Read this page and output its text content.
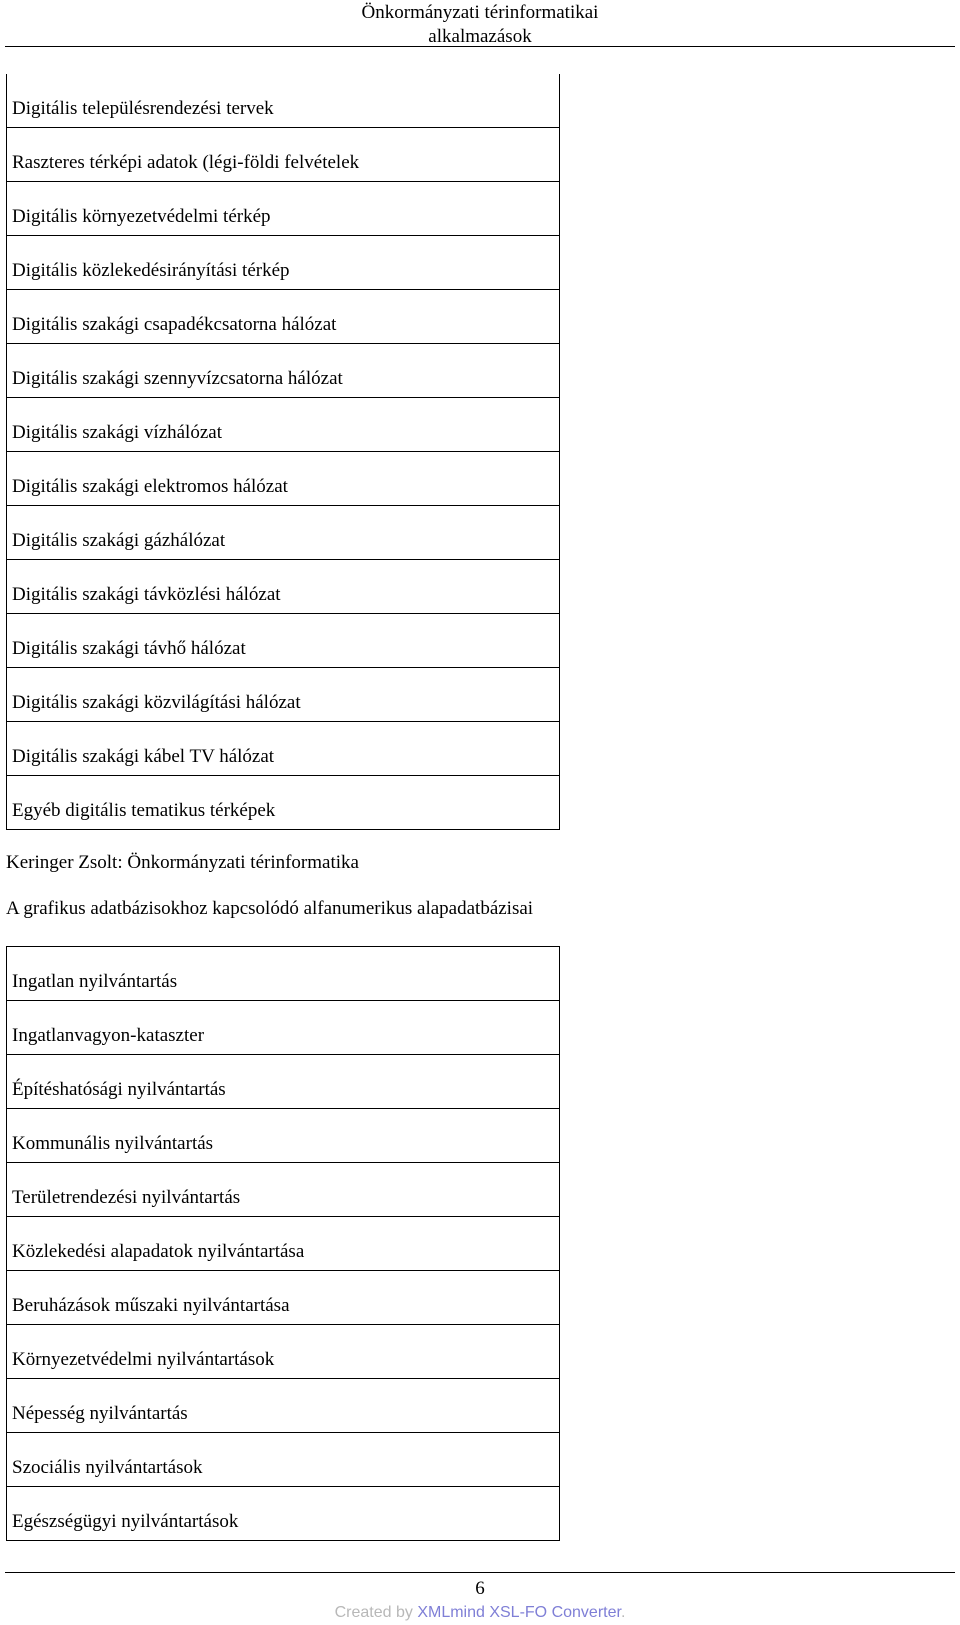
Önkormányzati térinformatikai
alkalmazások
Digitális településrendezési tervek
Raszteres térképi adatok (légi-földi felvételek
Digitális környezetvédelmi térkép
Digitális közlekedésirányítási térkép
Digitális szakági csapadékcsatorna hálózat
Digitális szakági szennyvízcsatorna hálózat
Digitális szakági vízhálózat
Digitális szakági elektromos hálózat
Digitális szakági gázhálózat
Digitális szakági távközlési hálózat
Digitális szakági távhő hálózat
Digitális szakági közvilágítási hálózat
Digitális szakági kábel TV hálózat
Egyéb digitális tematikus térképek
Keringer Zsolt: Önkormányzati térinformatika
A grafikus adatbázisokhoz kapcsolódó alfanumerikus alapadatbázisai
Ingatlan nyilvántartás
Ingatlanvagyon-kataszter
Építéshatósági nyilvántartás
Kommunális nyilvántartás
Területrendezési nyilvántartás
Közlekedési alapadatok nyilvántartása
Beruházások műszaki nyilvántartása
Környezetvédelmi nyilvántartások
Népesség nyilvántartás
Szociális nyilvántartások
Egészségügyi nyilvántartások
6
Created by XMLmind XSL-FO Converter.
